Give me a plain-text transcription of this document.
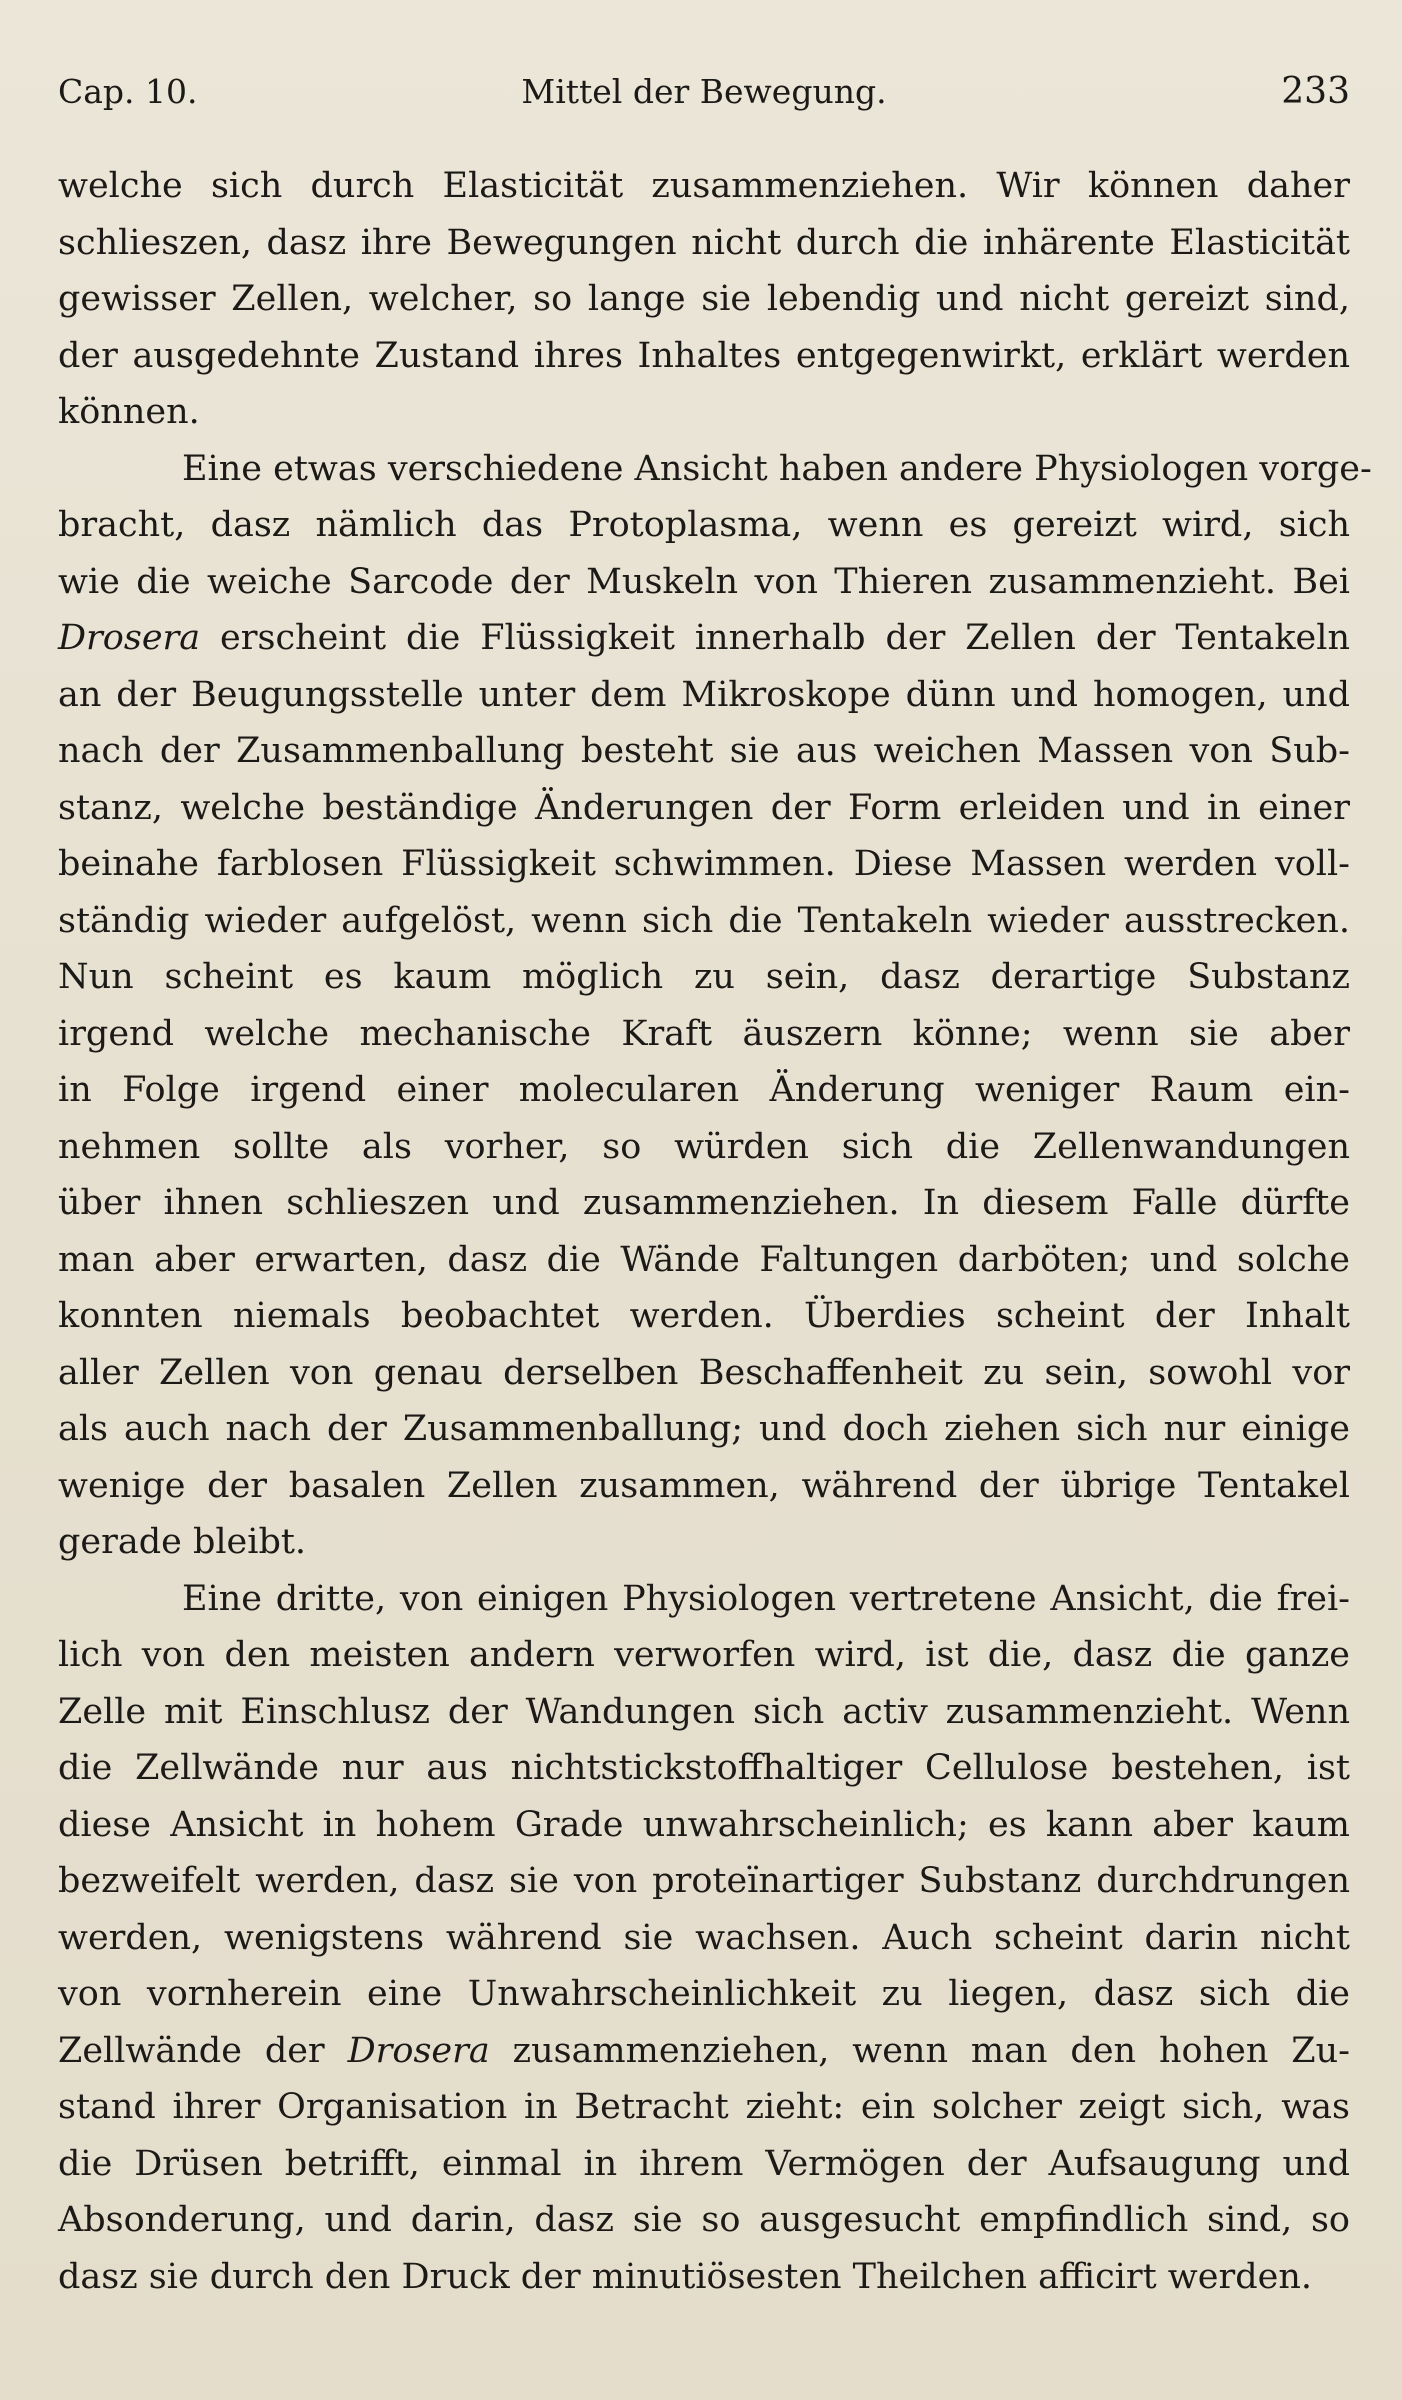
Cap. 10.	Mittel der Bewegung.	233
welche sich durch Elasticität zusammenziehen. Wir können daher
schlieszen, dasz ihre Bewegungen nicht durch die inhärente Elasticität
gewisser Zellen, welcher, so lange sie lebendig und nicht gereizt sind,
der ausgedehnte Zustand ihres Inhaltes entgegenwirkt, erklärt werden
können.
Eine etwas verschiedene Ansicht haben andere Physiologen vorge-
bracht, dasz nämlich das Protoplasma, wenn es gereizt wird, sich
wie die weiche Sarcode der Muskeln von Thieren zusammenzieht. Bei
Drosera erscheint die Flüssigkeit innerhalb der Zellen der Tentakeln
an der Beugungsstelle unter dem Mikroskope dünn und homogen, und
nach der Zusammenballung besteht sie aus weichen Massen von Sub-
stanz, welche beständige Änderungen der Form erleiden und in einer
beinahe farblosen Flüssigkeit schwimmen. Diese Massen werden voll-
ständig wieder aufgelöst, wenn sich die Tentakeln wieder ausstrecken.
Nun scheint es kaum möglich zu sein, dasz derartige Substanz
irgend welche mechanische Kraft äuszern könne; wenn sie aber
in Folge irgend einer molecularen Änderung weniger Raum ein-
nehmen sollte als vorher, so würden sich die Zellenwandungen
über ihnen schlieszen und zusammenziehen. In diesem Falle dürfte
man aber erwarten, dasz die Wände Faltungen darböten; und solche
konnten niemals beobachtet werden. Überdies scheint der Inhalt
aller Zellen von genau derselben Beschaffenheit zu sein, sowohl vor
als auch nach der Zusammenballung; und doch ziehen sich nur einige
wenige der basalen Zellen zusammen, während der übrige Tentakel
gerade bleibt.
Eine dritte, von einigen Physiologen vertretene Ansicht, die frei-
lich von den meisten andern verworfen wird, ist die, dasz die ganze
Zelle mit Einschlusz der Wandungen sich activ zusammenzieht. Wenn
die Zellwände nur aus nichtstickstoffhaltiger Cellulose bestehen, ist
diese Ansicht in hohem Grade unwahrscheinlich; es kann aber kaum
bezweifelt werden, dasz sie von proteïnartiger Substanz durchdrungen
werden, wenigstens während sie wachsen. Auch scheint darin nicht
von vornherein eine Unwahrscheinlichkeit zu liegen, dasz sich die
Zellwände der Drosera zusammenziehen, wenn man den hohen Zu-
stand ihrer Organisation in Betracht zieht: ein solcher zeigt sich, was
die Drüsen betrifft, einmal in ihrem Vermögen der Aufsaugung und
Absonderung, und darin, dasz sie so ausgesucht empfindlich sind, so
dasz sie durch den Druck der minutiösesten Theilchen afficirt werden.
